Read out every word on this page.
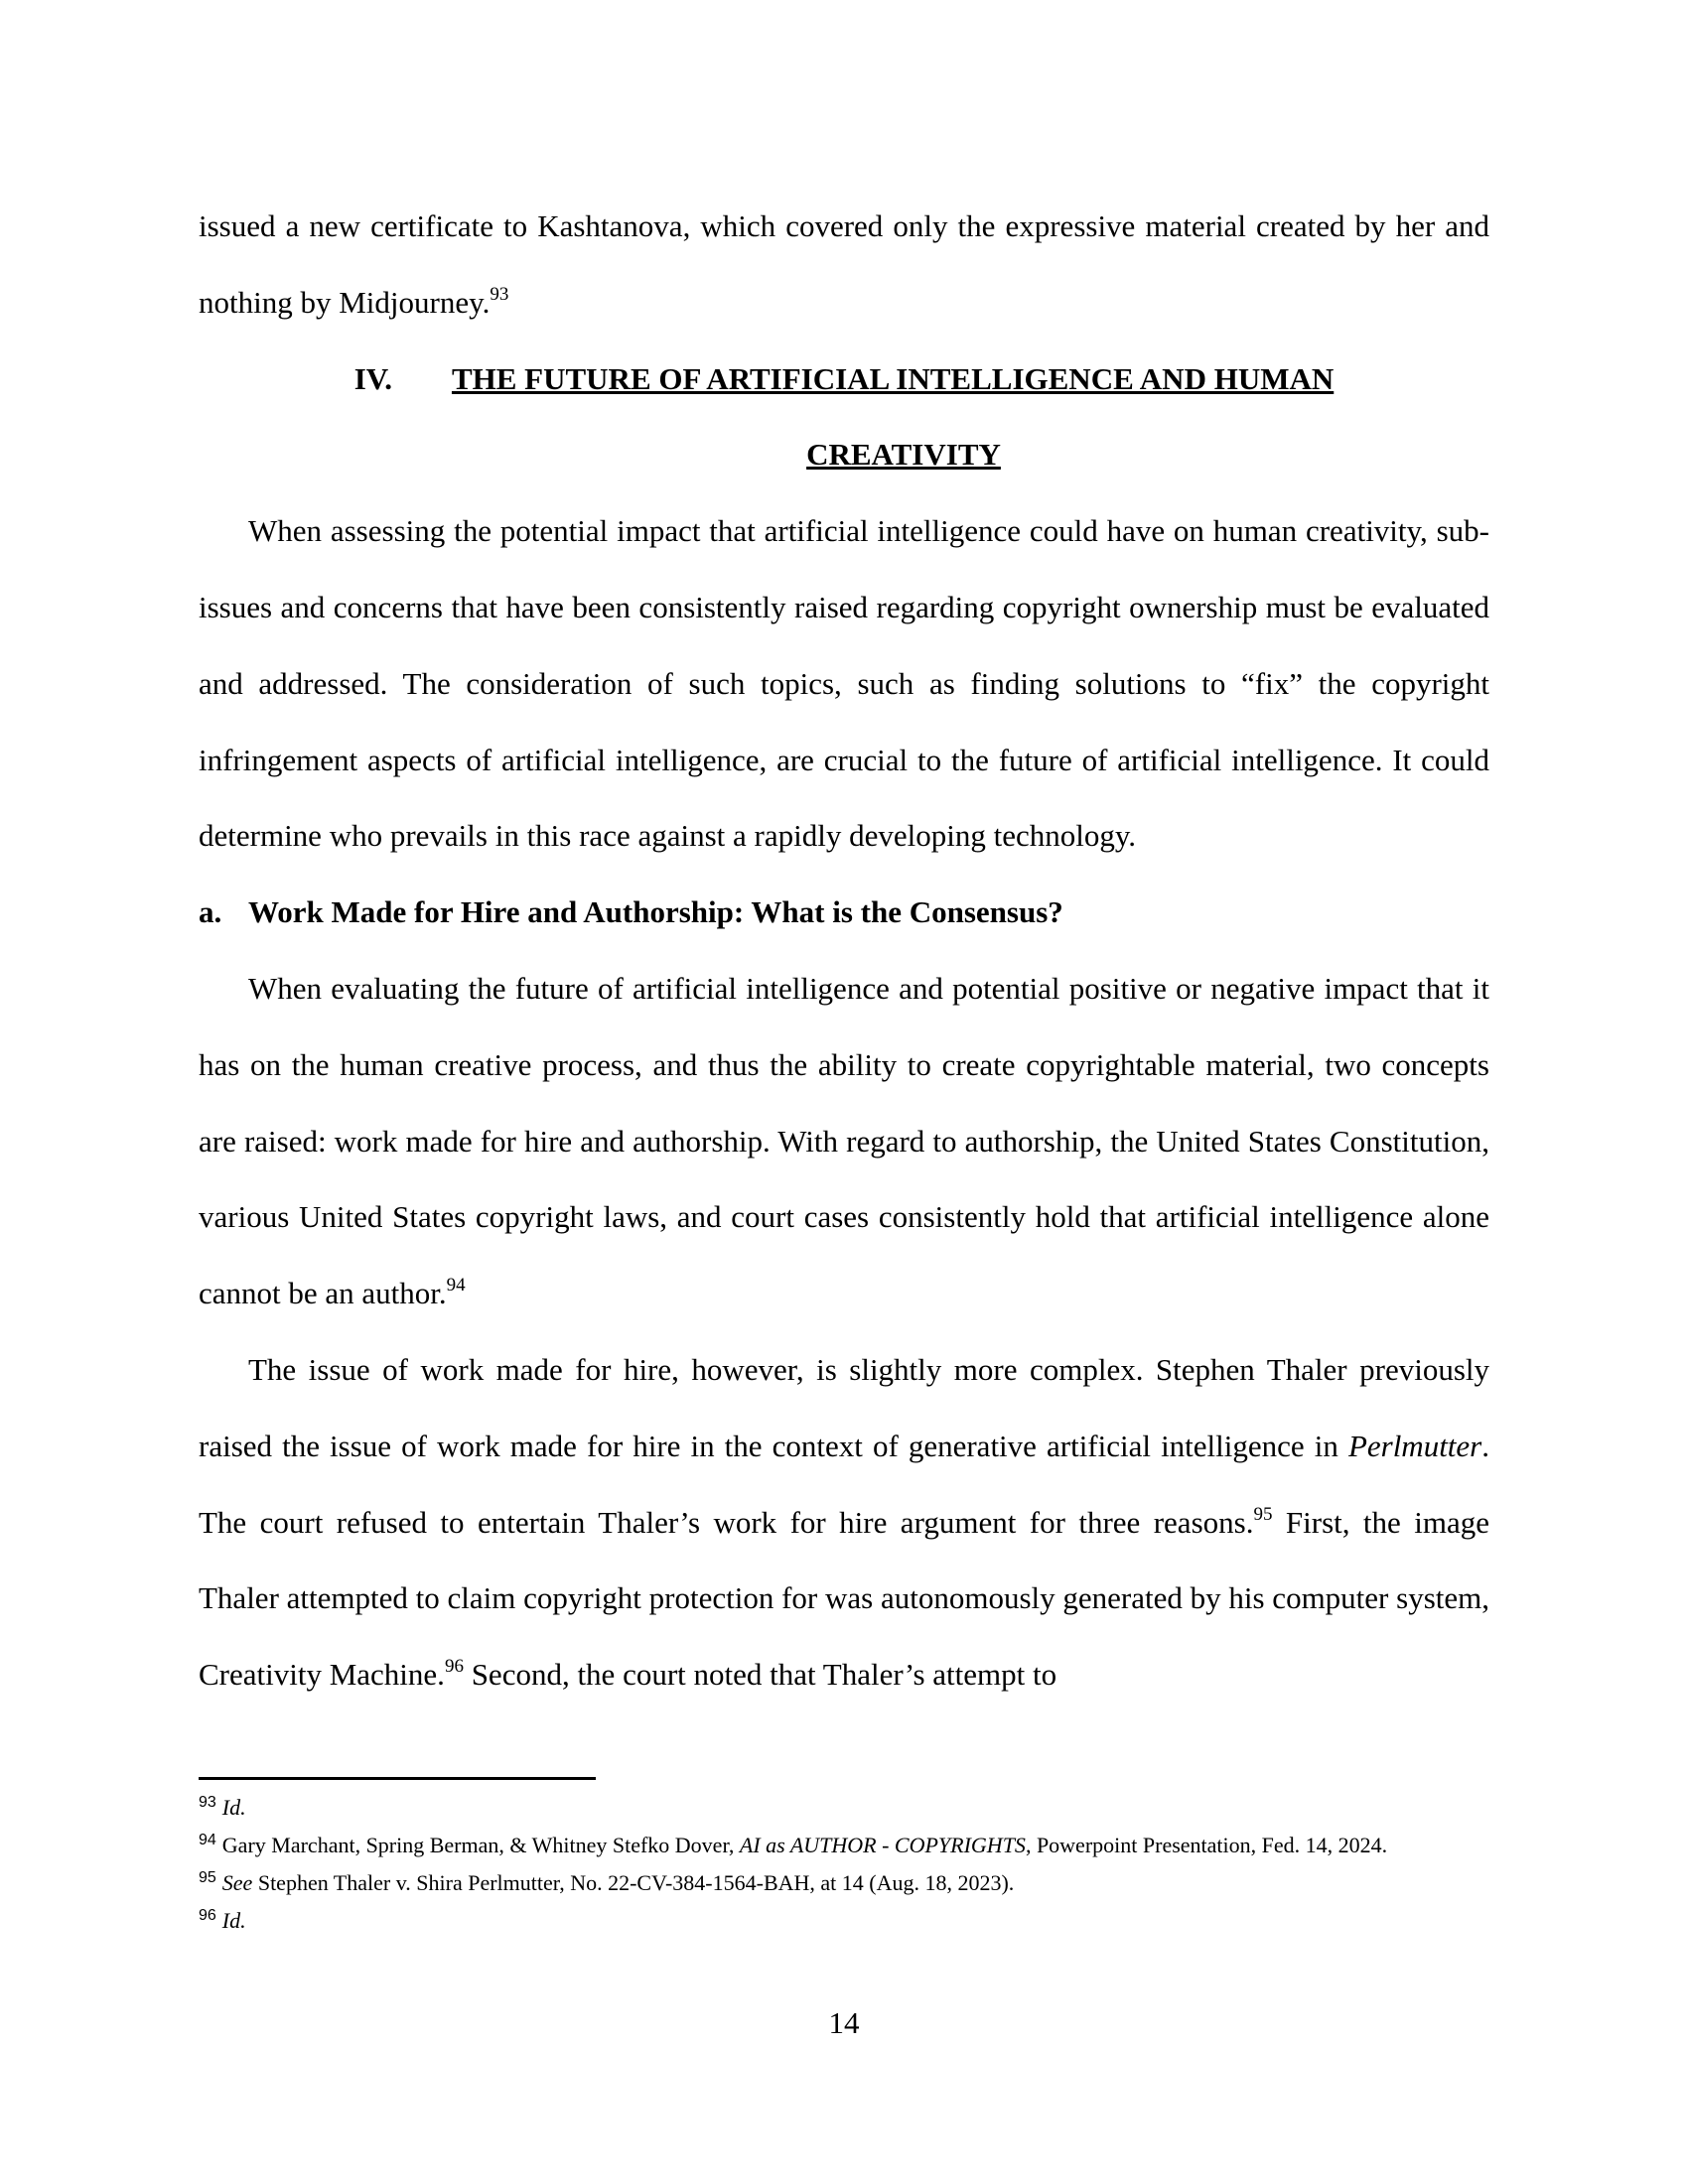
issued a new certificate to Kashtanova, which covered only the expressive material created by her and nothing by Midjourney.$^{93}$

IV. THE FUTURE OF ARTIFICIAL INTELLIGENCE AND HUMAN
CREATIVITY

When assessing the potential impact that artificial intelligence could have on human creativity, sub-issues and concerns that have been consistently raised regarding copyright ownership must be evaluated and addressed. The consideration of such topics, such as finding solutions to “fix” the copyright infringement aspects of artificial intelligence, are crucial to the future of artificial intelligence. It could determine who prevails in this race against a rapidly developing technology.

a. Work Made for Hire and Authorship: What is the Consensus?

When evaluating the future of artificial intelligence and potential positive or negative impact that it has on the human creative process, and thus the ability to create copyrightable material, two concepts are raised: work made for hire and authorship. With regard to authorship, the United States Constitution, various United States copyright laws, and court cases consistently hold that artificial intelligence alone cannot be an author.$^{94}$

The issue of work made for hire, however, is slightly more complex. Stephen Thaler previously raised the issue of work made for hire in the context of generative artificial intelligence in Perlmutter. The court refused to entertain Thaler’s work for hire argument for three reasons.$^{95}$ First, the image Thaler attempted to claim copyright protection for was autonomously generated by his computer system, Creativity Machine.$^{96}$ Second, the court noted that Thaler’s attempt to

$^{93}$ Id.

$^{94}$ Gary Marchant, Spring Berman, & Whitney Stefko Dover, AI as AUTHOR - COPYRIGHTS, Powerpoint Presentation, Fed. 14, 2024.

$^{95}$ See Stephen Thaler v. Shira Perlmutter, No. 22-CV-384-1564-BAH, at 14 (Aug. 18, 2023).

$^{96}$ Id.

14
